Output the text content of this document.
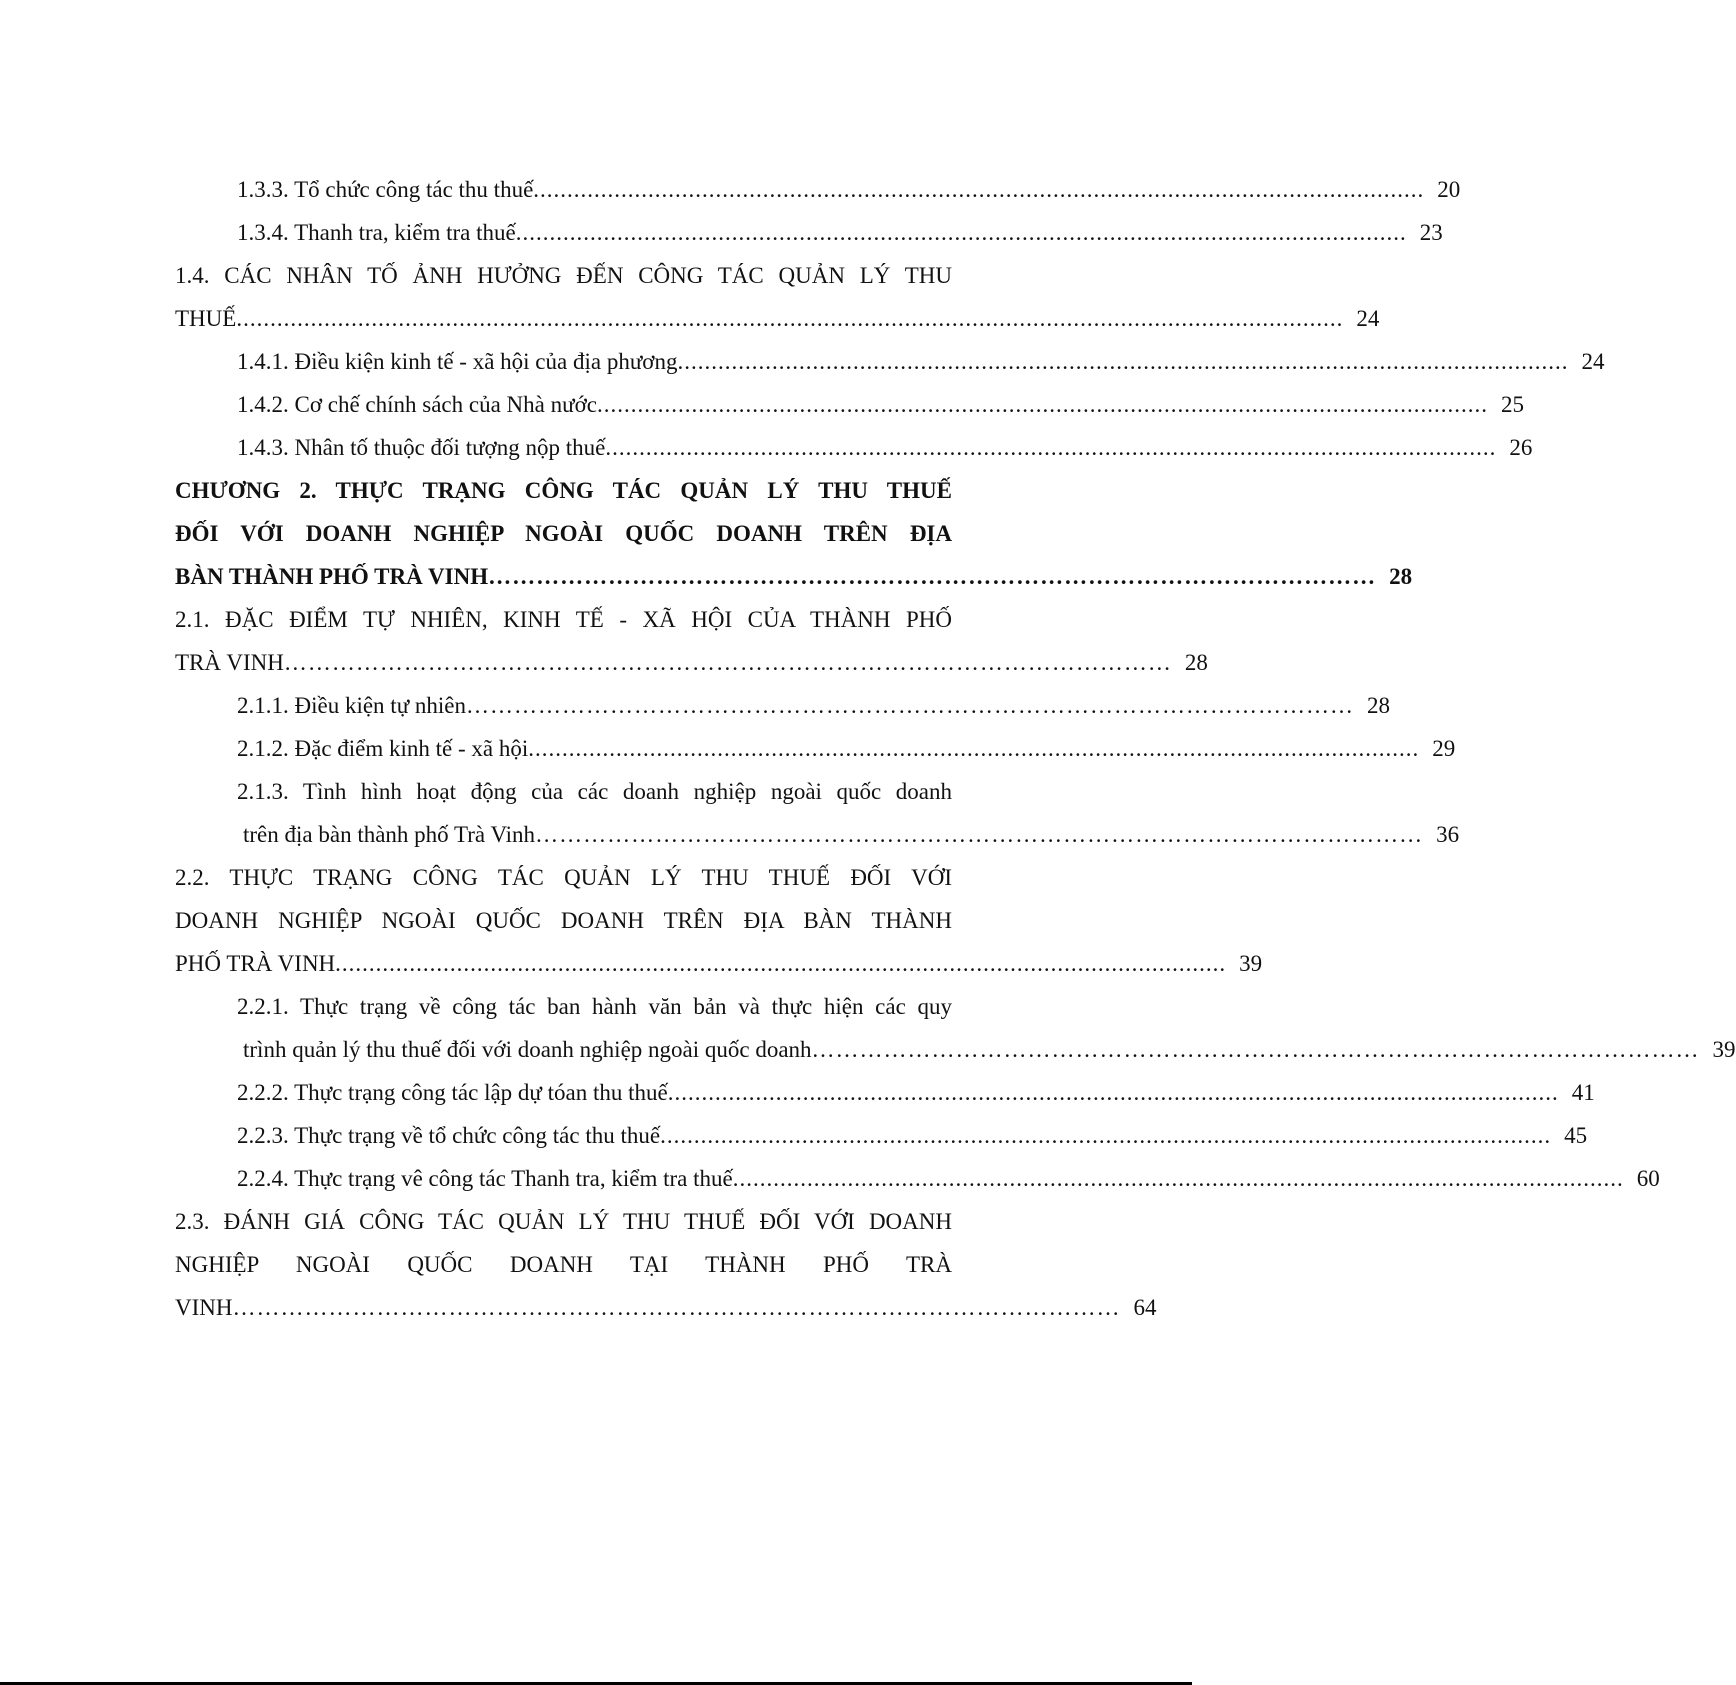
1.3.3. Tổ chức công tác thu thuế .................................................................................................................................... 20
1.3.4. Thanh tra, kiểm tra thuế .................................................................................................................................... 23
1.4. CÁC NHÂN TỐ ẢNH HƯỞNG ĐẾN CÔNG TÁC QUẢN LÝ THU
THUẾ .................................................................................................................................................................... 24
1.4.1. Điều kiện kinh tế - xã hội của địa phương .................................................................................................................................... 24
1.4.2. Cơ chế chính sách của Nhà nước .................................................................................................................................... 25
1.4.3. Nhân tố thuộc đối tượng nộp thuế .................................................................................................................................... 26
CHƯƠNG 2. THỰC TRẠNG CÔNG TÁC QUẢN LÝ THU THUẾ
ĐỐI VỚI DOANH NGHIỆP NGOÀI QUỐC DOANH TRÊN ĐỊA
BÀN THÀNH PHỐ TRÀ VINH ………………………………………………………………………………………………… 28
2.1. ĐẶC ĐIỂM TỰ NHIÊN, KINH TẾ - XÃ HỘI CỦA THÀNH PHỐ
TRÀ VINH ………………………………………………………………………………………………… 28
2.1.1. Điều kiện tự nhiên ………………………………………………………………………………………………… 28
2.1.2. Đặc điểm kinh tế - xã hội .................................................................................................................................... 29
2.1.3. Tình hình hoạt động của các doanh nghiệp ngoài quốc doanh
trên địa bàn thành phố Trà Vinh ………………………………………………………………………………………………… 36
2.2. THỰC TRẠNG CÔNG TÁC QUẢN LÝ THU THUẾ ĐỐI VỚI
DOANH NGHIỆP NGOÀI QUỐC DOANH TRÊN ĐỊA BÀN THÀNH
PHỐ TRÀ VINH .................................................................................................................................... 39
2.2.1. Thực trạng về công tác ban hành văn bản và thực hiện các quy
trình quản lý thu thuế đối với doanh nghiệp ngoài quốc doanh ………………………………………………………………………………………………… 39
2.2.2. Thực trạng công tác lập dự tóan thu thuế .................................................................................................................................... 41
2.2.3. Thực trạng về tổ chức công tác thu thuế .................................................................................................................................... 45
2.2.4. Thực trạng vê công tác Thanh tra, kiểm tra thuế .................................................................................................................................... 60
2.3. ĐÁNH GIÁ CÔNG TÁC QUẢN LÝ THU THUẾ ĐỐI VỚI DOANH
NGHIỆP NGOÀI QUỐC DOANH TẠI THÀNH PHỐ TRÀ
VINH ………………………………………………………………………………………………… 64
